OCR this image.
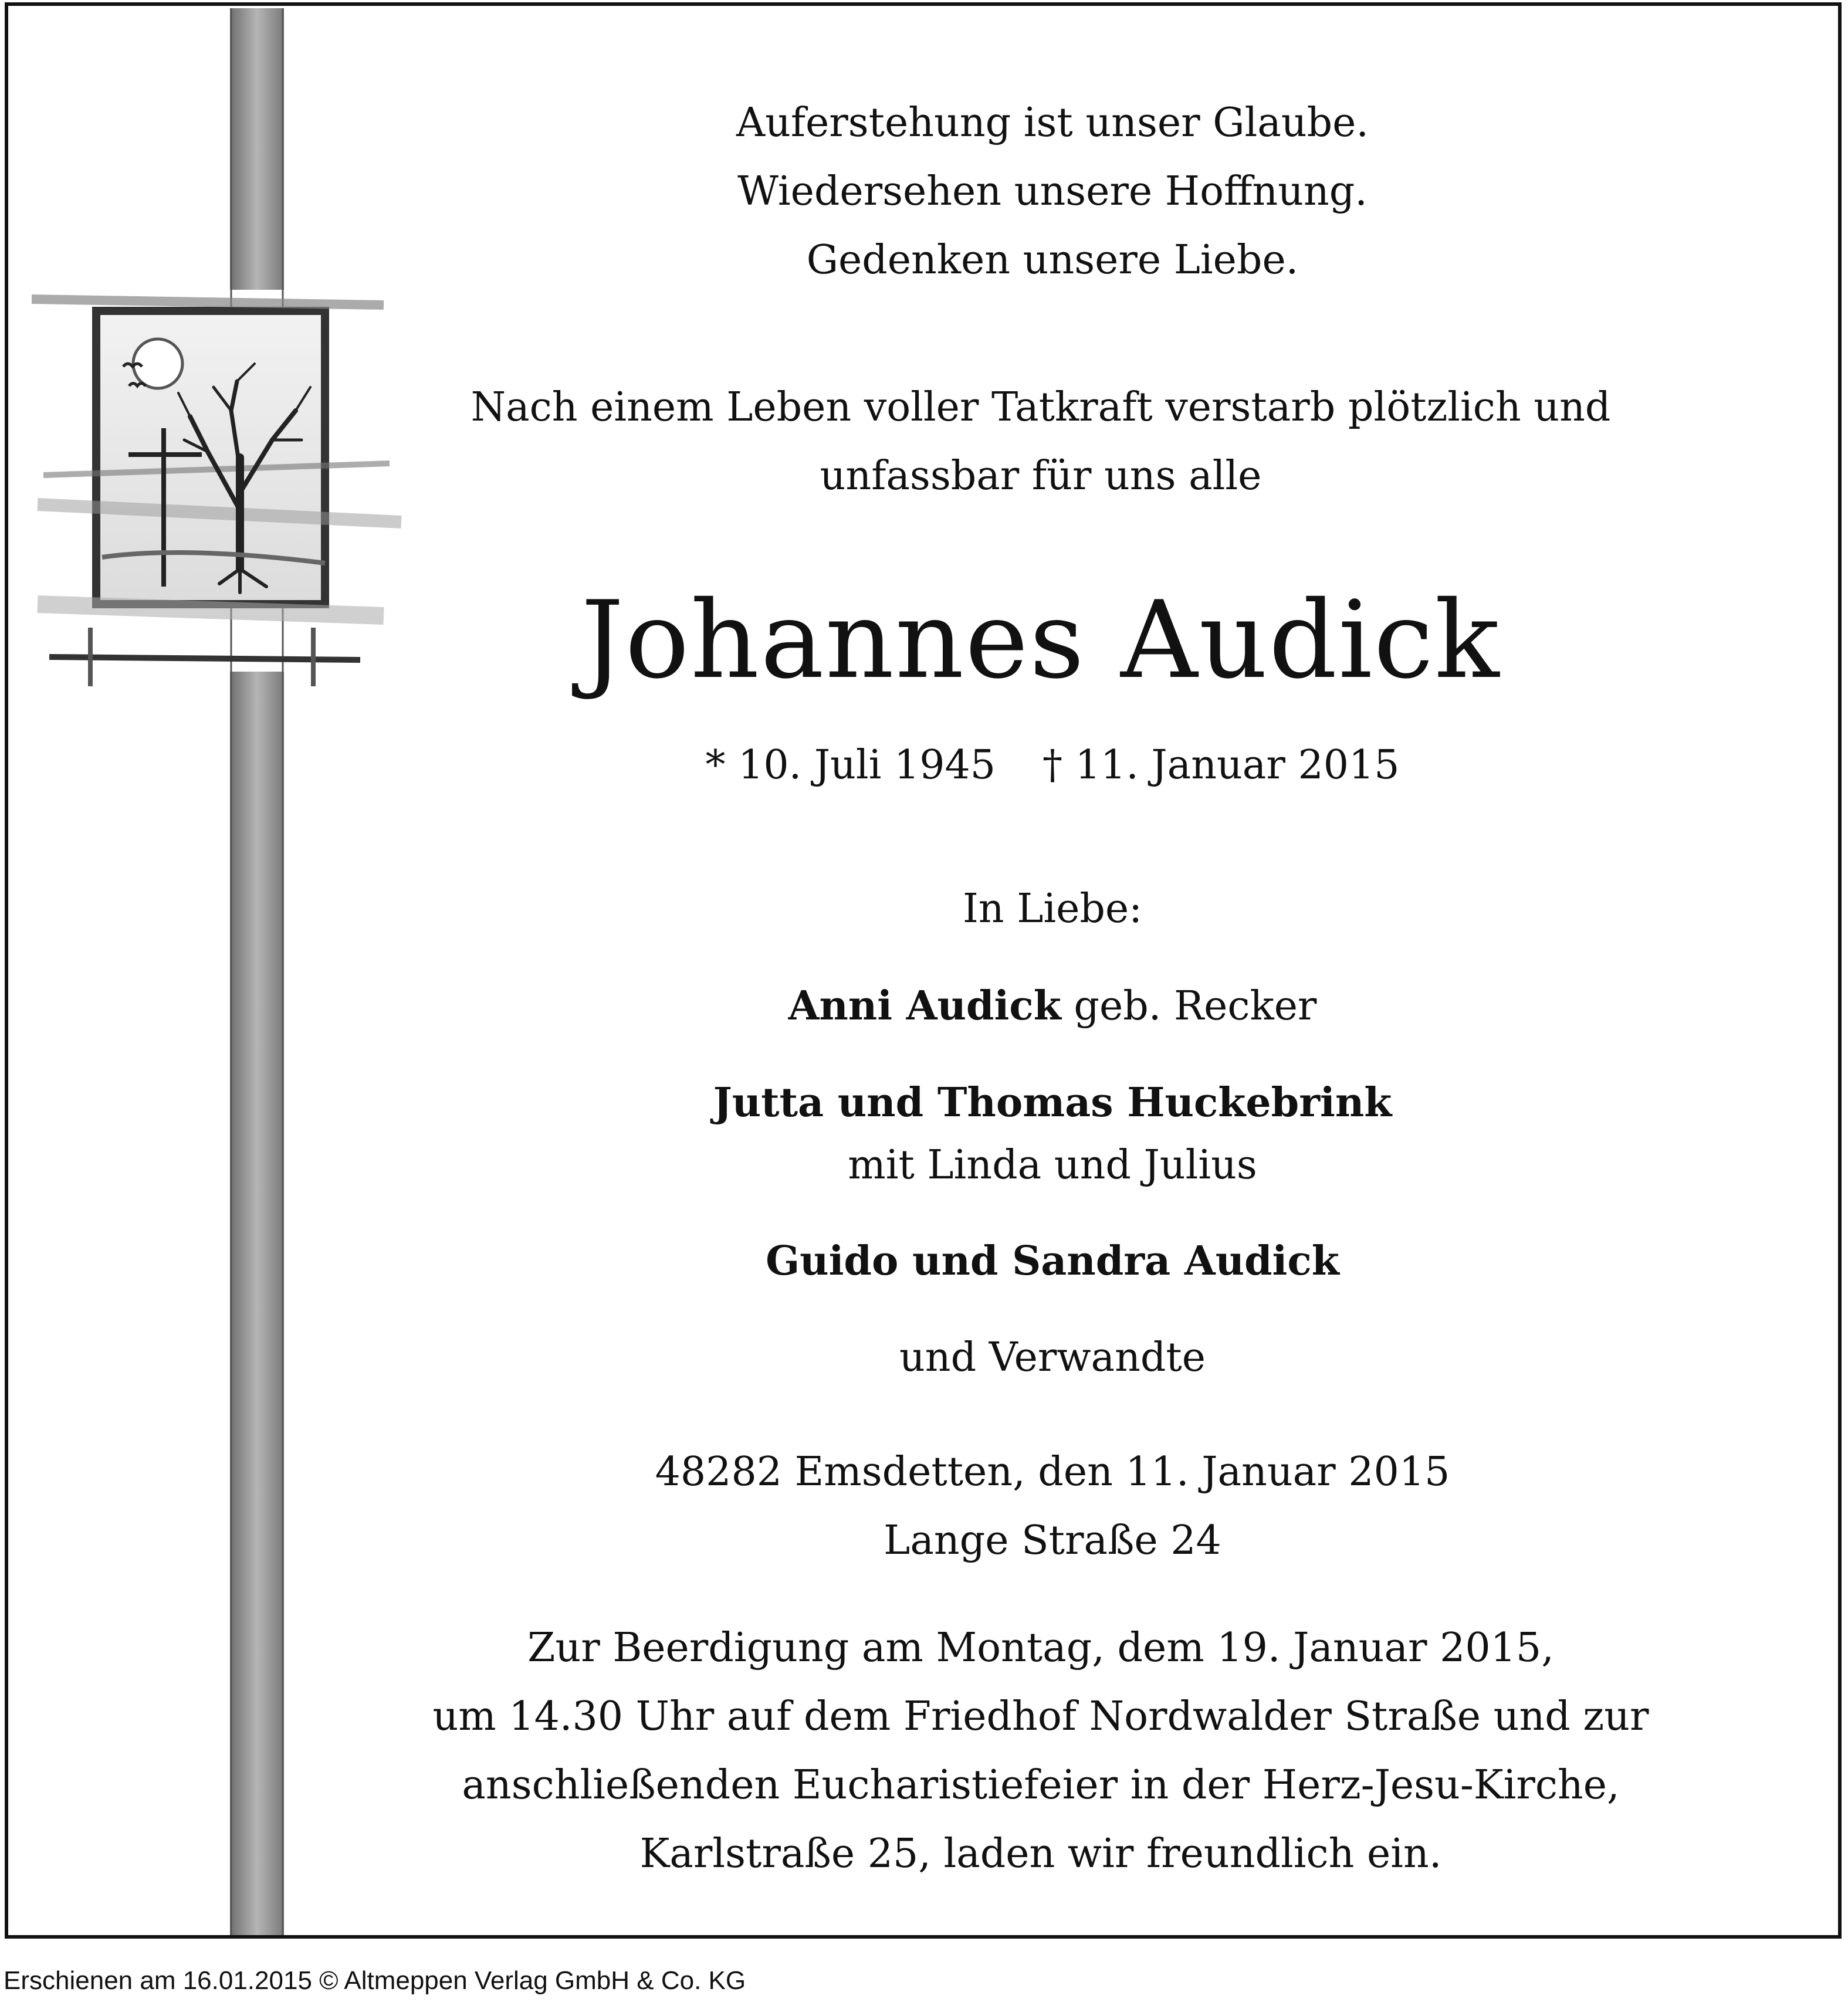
Auferstehung ist unser Glaube.
Wiedersehen unsere Hoffnung.
Gedenken unsere Liebe.
Nach einem Leben voller Tatkraft verstarb plötzlich und
unfassbar für uns alle
Johannes Audick
* 10. Juli 1945 † 11. Januar 2015
In Liebe:
Anni Audick geb. Recker
Jutta und Thomas Huckebrink
mit Linda und Julius
Guido und Sandra Audick
und Verwandte
48282 Emsdetten, den 11. Januar 2015
Lange Straße 24
Zur Beerdigung am Montag, dem 19. Januar 2015,
um 14.30 Uhr auf dem Friedhof Nordwalder Straße und zur
anschließenden Eucharistiefeier in der Herz-Jesu-Kirche,
Karlstraße 25, laden wir freundlich ein.
Erschienen am 16.01.2015 © Altmeppen Verlag GmbH & Co. KG
